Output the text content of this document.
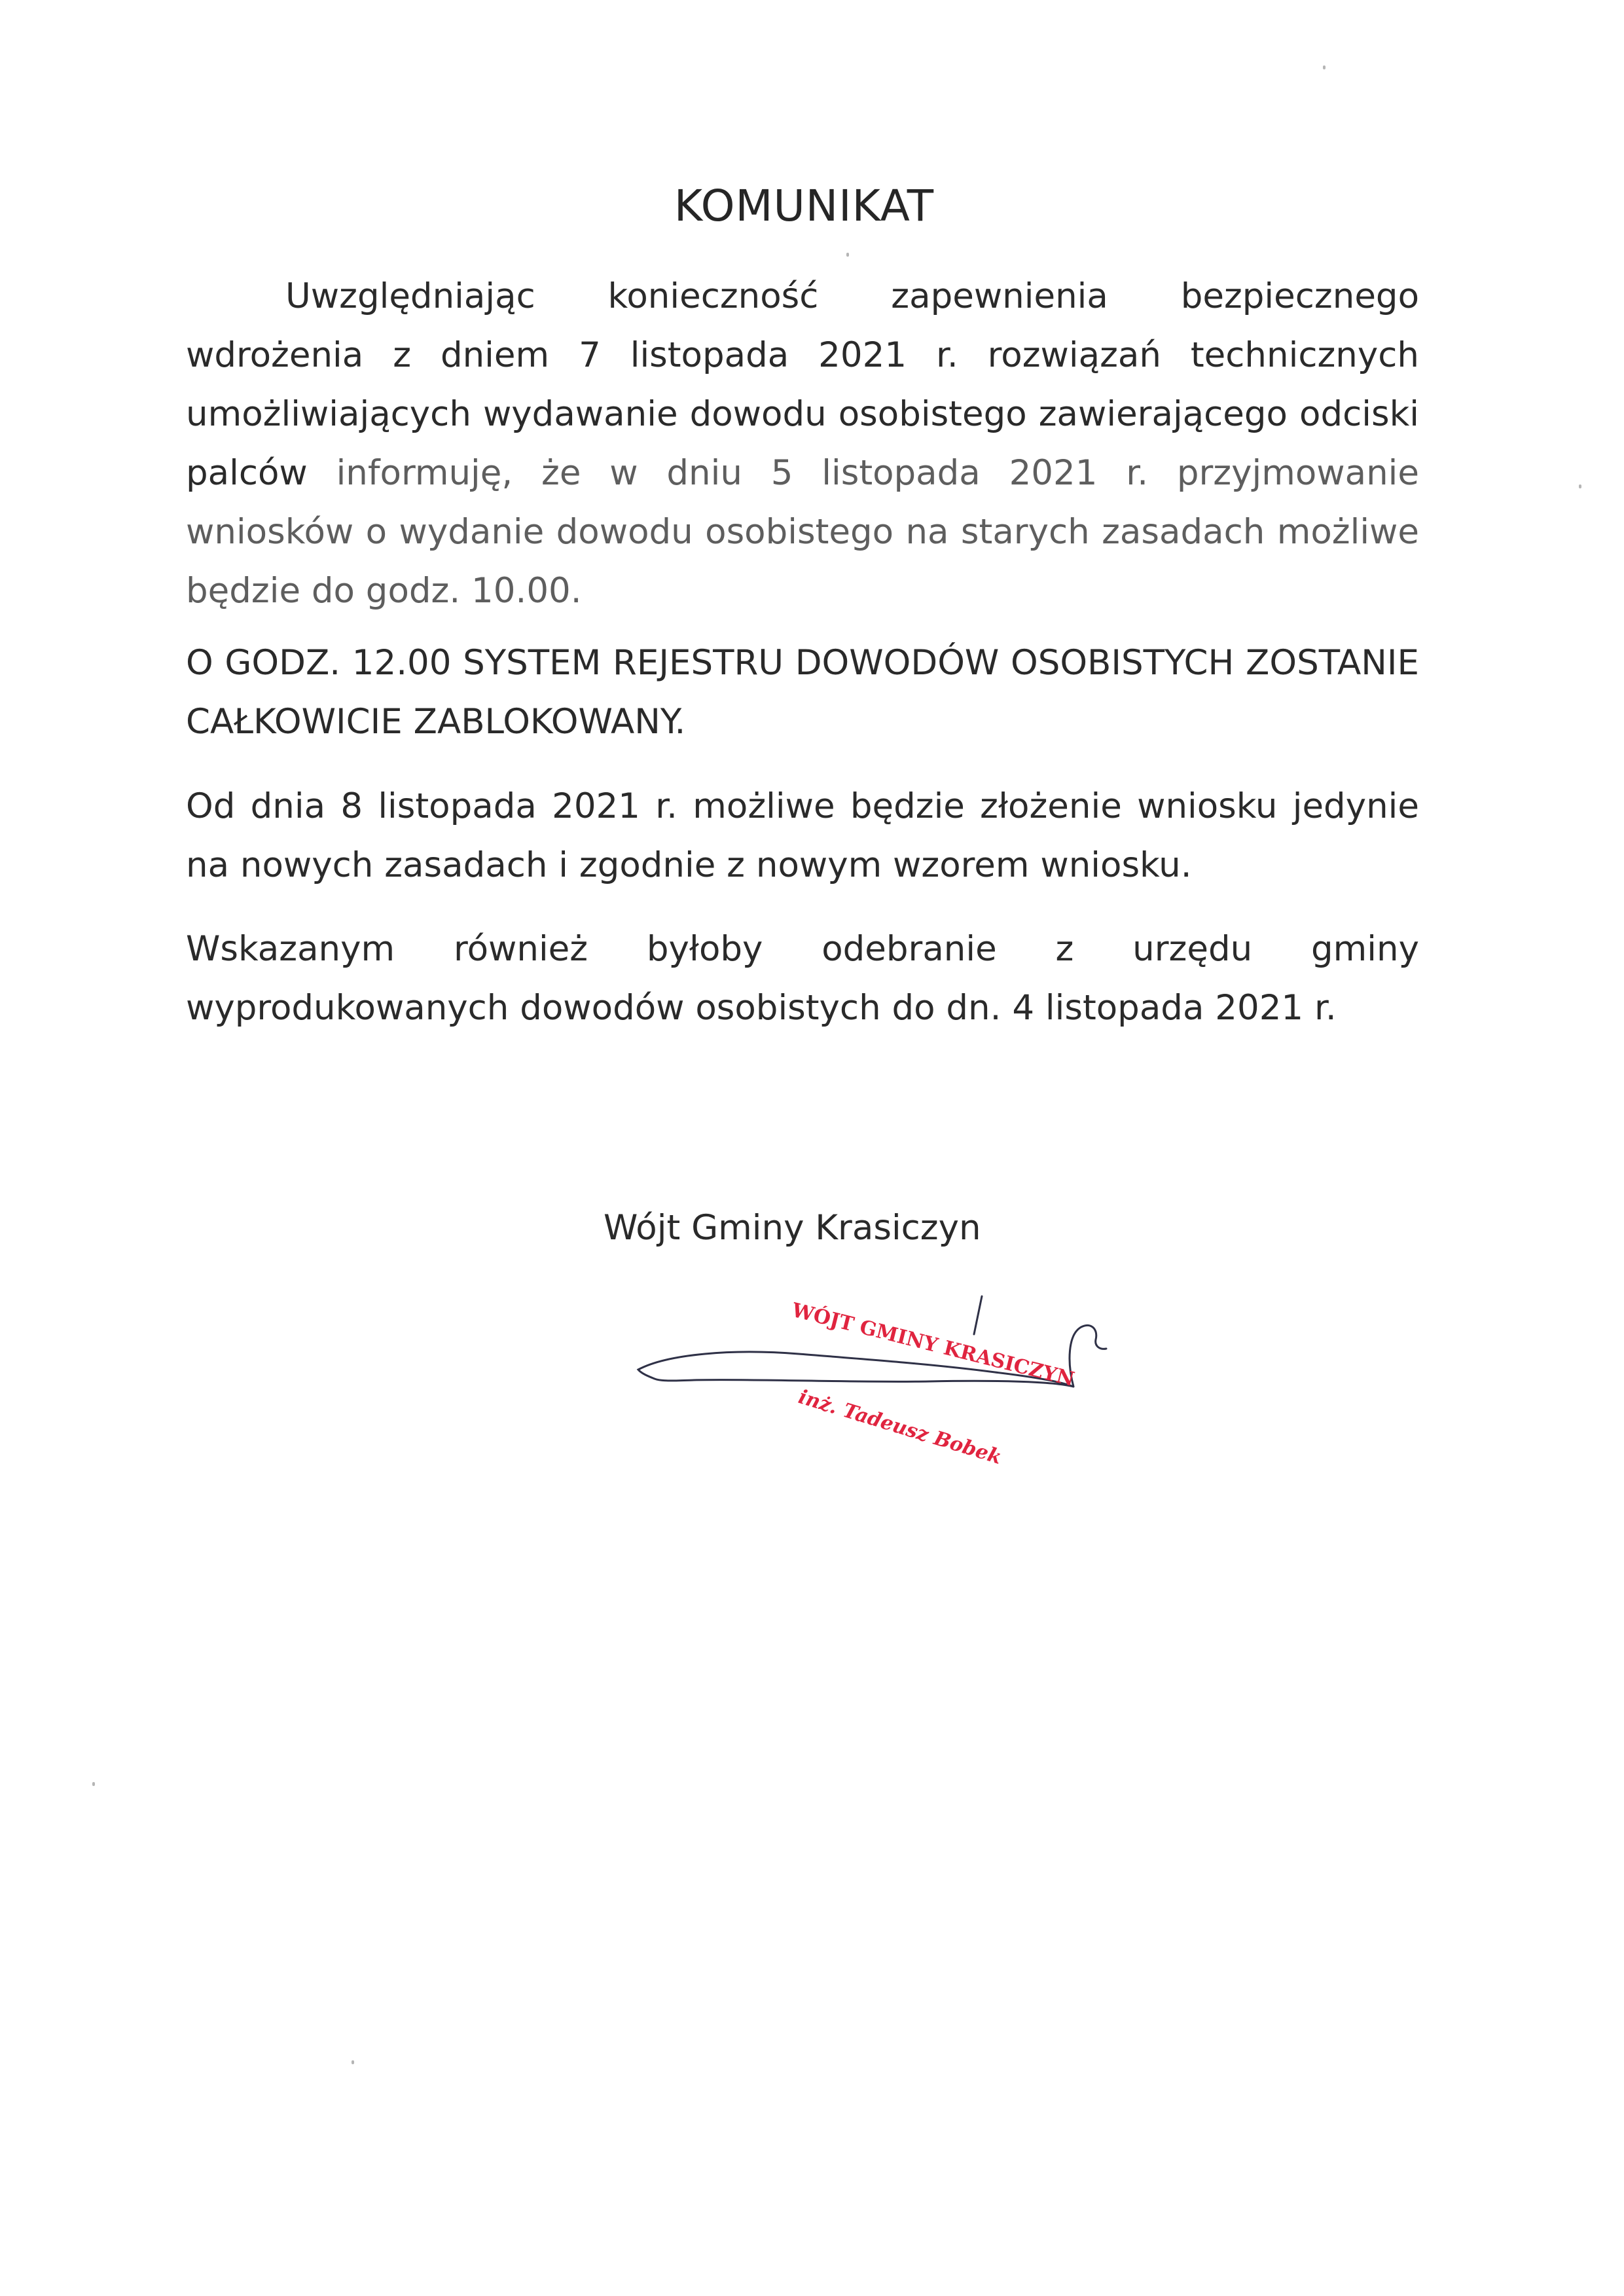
KOMUNIKAT

Uwzględniając konieczność zapewnienia bezpiecznego wdrożenia z dniem 7 listopada 2021 r. rozwiązań technicznych umożliwiających wydawanie dowodu osobistego zawierającego odciski palców informuję, że w dniu 5 listopada 2021 r. przyjmowanie wniosków o wydanie dowodu osobistego na starych zasadach możliwe będzie do godz. 10.00.

O GODZ. 12.00 SYSTEM REJESTRU DOWODÓW OSOBISTYCH ZOSTANIE CAŁKOWICIE ZABLOKOWANY.

Od dnia 8 listopada 2021 r. możliwe będzie złożenie wniosku jedynie na nowych zasadach i zgodnie z nowym wzorem wniosku.

Wskazanym również byłoby odebranie z urzędu gminy wyprodukowanych dowodów osobistych do dn. 4 listopada 2021 r.

Wójt Gminy Krasiczyn

WÓJT GMINY KRASICZYN
inż. Tadeusz Bobek
